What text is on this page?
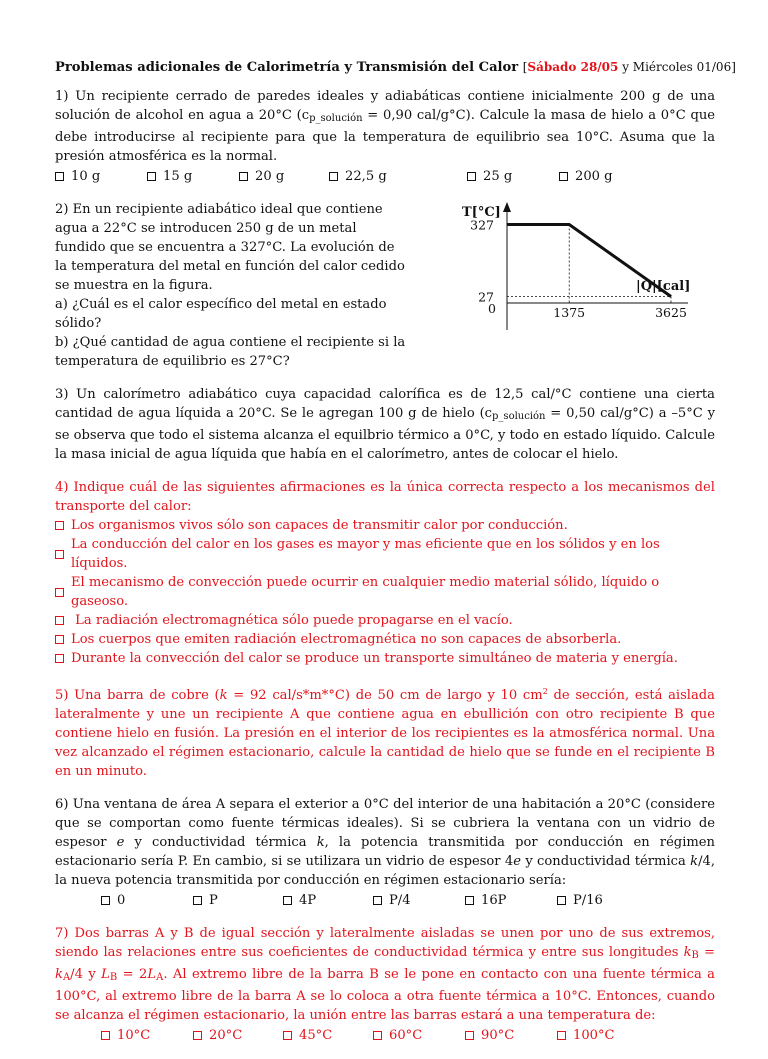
Problemas adicionales de Calorimetría y Transmisión del Calor [Sábado 28/05 y Miércoles 01/06]

1) Un recipiente cerrado de paredes ideales y adiabáticas contiene inicialmente 200 g de una solución de alcohol en agua a 20°C ($c_{p\_solución} = 0,90$ cal/g°C). Calcule la masa de hielo a 0°C que debe introducirse al recipiente para que la temperatura de equilibrio sea 10°C. Asuma que la presión atmosférica es la normal.

10 g	15 g	20 g	22,5 g	25 g	200 g

2) En un recipiente adiabático ideal que contiene agua a 22°C se introducen 250 g de un metal fundido que se encuentra a 327°C. La evolución de la temperatura del metal en función del calor cedido se muestra en la figura.

a) ¿Cuál es el calor específico del metal en estado sólido?

b) ¿Qué cantidad de agua contiene el recipiente si la temperatura de equilibrio es 27°C?

T[°C]
|Q|[cal]
327
27
0	1375	3625

3) Un calorímetro adiabático cuya capacidad calorífica es de 12,5 cal/°C contiene una cierta cantidad de agua líquida a 20°C. Se le agregan 100 g de hielo ($c_{p\_solución} = 0,50$ cal/g°C) a –5°C y se observa que todo el sistema alcanza el equilbrio térmico a 0°C, y todo en estado líquido. Calcule la masa inicial de agua líquida que había en el calorímetro, antes de colocar el hielo.

4) Indique cuál de las siguientes afirmaciones es la única correcta respecto a los mecanismos del transporte del calor:

Los organismos vivos sólo son capaces de transmitir calor por conducción.
La conducción del calor en los gases es mayor y mas eficiente que en los sólidos y en los líquidos.
El mecanismo de convección puede ocurrir en cualquier medio material sólido, líquido o gaseoso.
La radiación electromagnética sólo puede propagarse en el vacío.
Los cuerpos que emiten radiación electromagnética no son capaces de absorberla.
Durante la convección del calor se produce un transporte simultáneo de materia y energía.

5) Una barra de cobre (k = 92 cal/s*m*°C) de 50 cm de largo y 10 $cm^2$ de sección, está aislada lateralmente y une un recipiente A que contiene agua en ebullición con otro recipiente B que contiene hielo en fusión. La presión en el interior de los recipientes es la atmosférica normal. Una vez alcanzado el régimen estacionario, calcule la cantidad de hielo que se funde en el recipiente B en un minuto.

6) Una ventana de área A separa el exterior a 0°C del interior de una habitación a 20°C (considere que se comportan como fuente térmicas ideales). Si se cubriera la ventana con un vidrio de espesor e y conductividad térmica k, la potencia transmitida por conducción en régimen estacionario sería P. En cambio, si se utilizara un vidrio de espesor 4e y conductividad térmica k/4, la nueva potencia transmitida por conducción en régimen estacionario sería:

0	P	4P	P/4	16P	P/16

7) Dos barras A y B de igual sección y lateralmente aisladas se unen por uno de sus extremos, siendo las relaciones entre sus coeficientes de conductividad térmica y entre sus longitudes $k_B = k_A/4$ y $L_B = 2L_A$. Al extremo libre de la barra B se le pone en contacto con una fuente térmica a 100°C, al extremo libre de la barra A se lo coloca a otra fuente térmica a 10°C. Entonces, cuando se alcanza el régimen estacionario, la unión entre las barras estará a una temperatura de:

10°C	20°C	45°C	60°C	90°C	100°C
